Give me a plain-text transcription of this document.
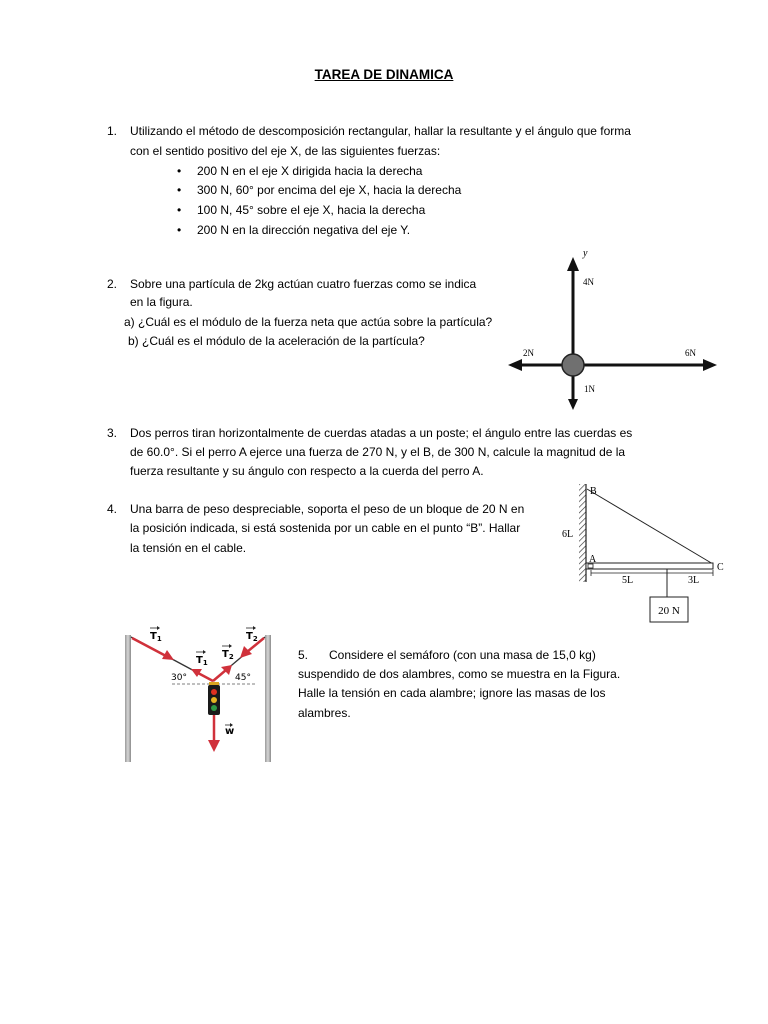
TAREA DE DINAMICA
1. Utilizando el método de descomposición rectangular, hallar la resultante y el ángulo que forma
con el sentido positivo del eje X, de las siguientes fuerzas:
• 200 N en el eje X dirigida hacia la derecha
• 300 N, 60° por encima del eje X, hacia la derecha
• 100 N, 45° sobre el eje X, hacia la derecha
• 200 N en la dirección negativa del eje Y.
2. Sobre una partícula de 2kg actúan cuatro fuerzas como se indica
en la figura.
a) ¿Cuál es el módulo de la fuerza neta que actúa sobre la partícula?
b) ¿Cuál es el módulo de la aceleración de la partícula?
y
4N
2N	6N
1N
3. Dos perros tiran horizontalmente de cuerdas atadas a un poste; el ángulo entre las cuerdas es
de 60.0°. Si el perro A ejerce una fuerza de 270 N, y el B, de 300 N, calcule la magnitud de la
fuerza resultante y su ángulo con respecto a la cuerda del perro A.
4. Una barra de peso despreciable, soporta el peso de un bloque de 20 N en
la posición indicada, si está sostenida por un cable en el punto “B”. Hallar
la tensión en el cable.
B
6L
A
C
5L	3L
20 N
$T_1$	$T_2$
$T_1$
$T_2$
30°	45°
w
5. Considere el semáforo (con una masa de 15,0 kg)
suspendido de dos alambres, como se muestra en la Figura.
Halle la tensión en cada alambre; ignore las masas de los
alambres.
